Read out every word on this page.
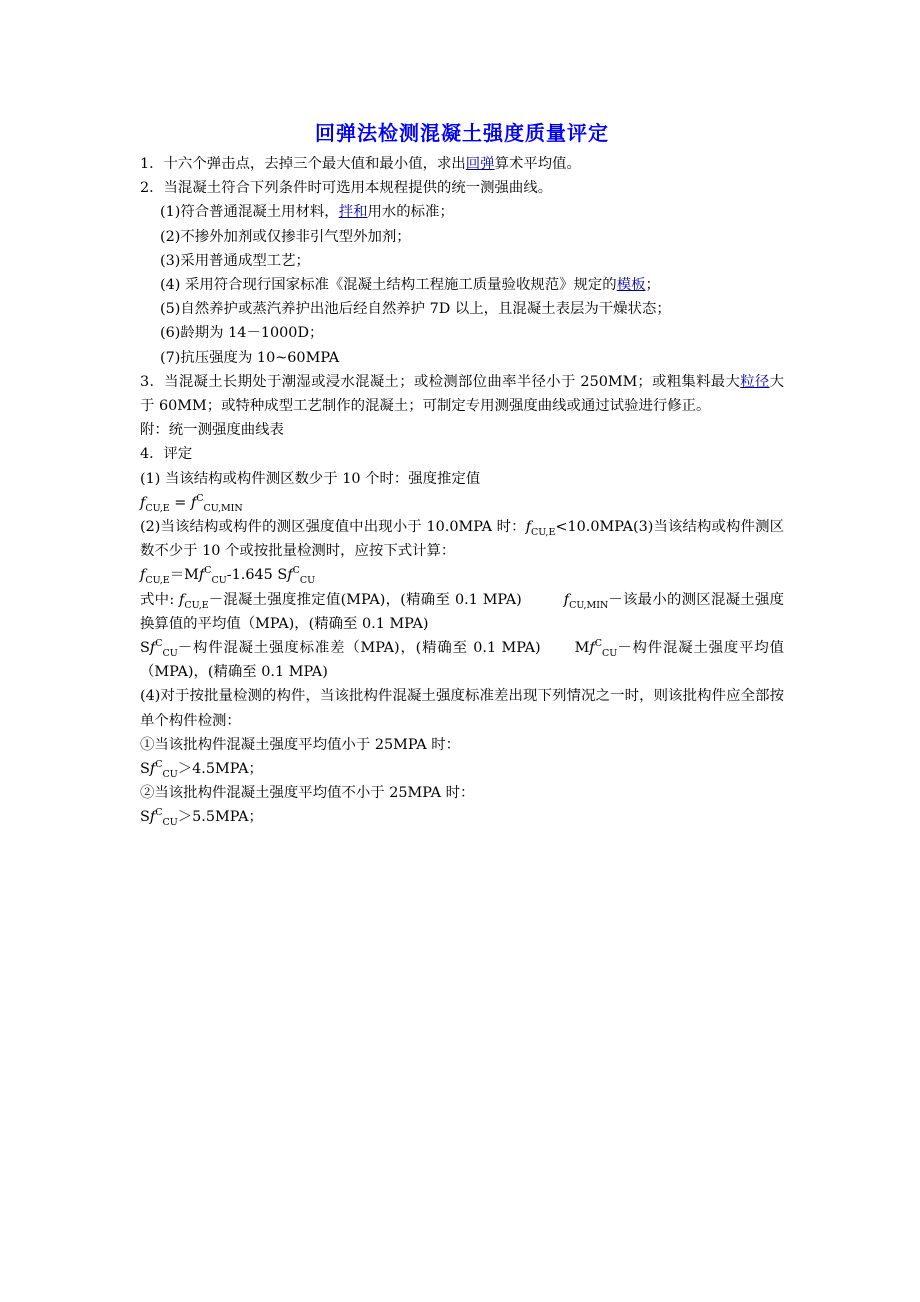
回弹法检测混凝土强度质量评定
1．十六个弹击点，去掉三个最大值和最小值，求出回弹算术平均值。
2．当混凝土符合下列条件时可选用本规程提供的统一测强曲线。
(1)符合普通混凝土用材料，拌和用水的标准；
(2)不掺外加剂或仅掺非引气型外加剂；
(3)采用普通成型工艺；
(4) 采用符合现行国家标准《混凝土结构工程施工质量验收规范》规定的模板；
(5)自然养护或蒸汽养护出池后经自然养护 7D 以上，且混凝土表层为干燥状态；
(6)龄期为 14－1000D；
(7)抗压强度为 10~60MPA
3．当混凝土长期处于潮湿或浸水混凝土；或检测部位曲率半径小于 250MM；或粗集料最大粒径大于 60MM；或特种成型工艺制作的混凝土；可制定专用测强度曲线或通过试验进行修正。
附：统一测强度曲线表
4．评定
(1) 当该结构或构件测区数少于 10 个时：强度推定值
$f_{CU,E} = f^C_{CU,MIN}$
(2)当该结构或构件的测区强度值中出现小于 10.0MPA 时：$f_{CU,E}<10.0MPA(3)$当该结构或构件测区数不少于 10 个或按批量检测时，应按下式计算：
$f_{CU,E}=Mf^C_{CU}-1.645$ $Sf^C_{CU}$
式中: $f_{CU,E}-$混凝土强度推定值(MPA)，(精确至 0.1 MPA)	$f_{CU,MIN}-$该最小的测区混凝土强度换算值的平均值（MPA)，(精确至 0.1 MPA)
$Sf^C_{CU}-$构件混凝土强度标准差（MPA)，(精确至 0.1 MPA) $Mf^C_{CU}-$构件混凝土强度平均值（MPA)，(精确至 0.1 MPA)
(4)对于按批量检测的构件，当该批构件混凝土强度标准差出现下列情况之一时，则该批构件应全部按单个构件检测：
①当该批构件混凝土强度平均值小于 25MPA 时：
$Sf^C_{CU}>4.5MPA$；
②当该批构件混凝土强度平均值不小于 25MPA 时：
$Sf^C_{CU}>5.5MPA$；
